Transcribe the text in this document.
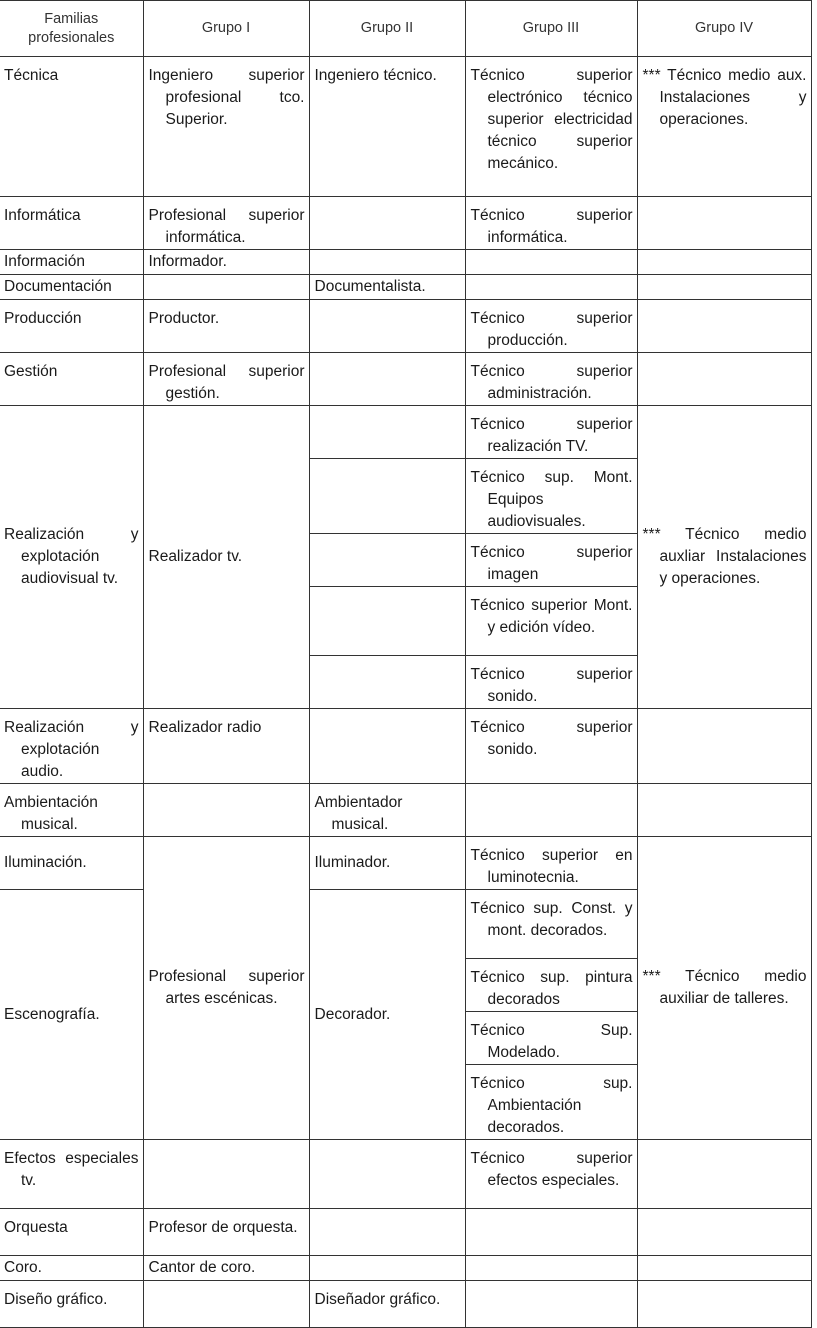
Familias profesionales	Grupo I	Grupo II	Grupo III	Grupo IV
Técnica	Ingeniero superior profesional tco. Superior.	Ingeniero técnico.	Técnico superior electrónico técnico superior electricidad técnico superior mecánico.	*** Técnico medio aux. Instalaciones y operaciones.
Informática	Profesional superior informática.		Técnico superior informática.	
Información	Informador.			
Documentación		Documentalista.		
Producción	Productor.		Técnico superior producción.	
Gestión	Profesional superior gestión.		Técnico superior administración.	
Realización y explotación audiovisual tv.	Realizador tv.		Técnico superior realización TV.	*** Técnico medio auxliar Instalaciones y operaciones.
			Técnico sup. Mont. Equipos audiovisuales.	
			Técnico superior imagen	
			Técnico superior Mont. y edición vídeo.	
			Técnico superior sonido.	
Realización y explotación audio.	Realizador radio		Técnico superior sonido.	
Ambientación musical.		Ambientador musical.		
Iluminación.	Profesional superior artes escénicas.	Iluminador.	Técnico superior en luminotecnia.	*** Técnico medio auxiliar de talleres.
Escenografía.		Decorador.	Técnico sup. Const. y mont. decorados.	
			Técnico sup. pintura decorados	
			Técnico Sup. Modelado.	
			Técnico sup. Ambientación decorados.	
Efectos especiales tv.			Técnico superior efectos especiales.	
Orquesta	Profesor de orquesta.			
Coro.	Cantor de coro.			
Diseño gráfico.		Diseñador gráfico.		
